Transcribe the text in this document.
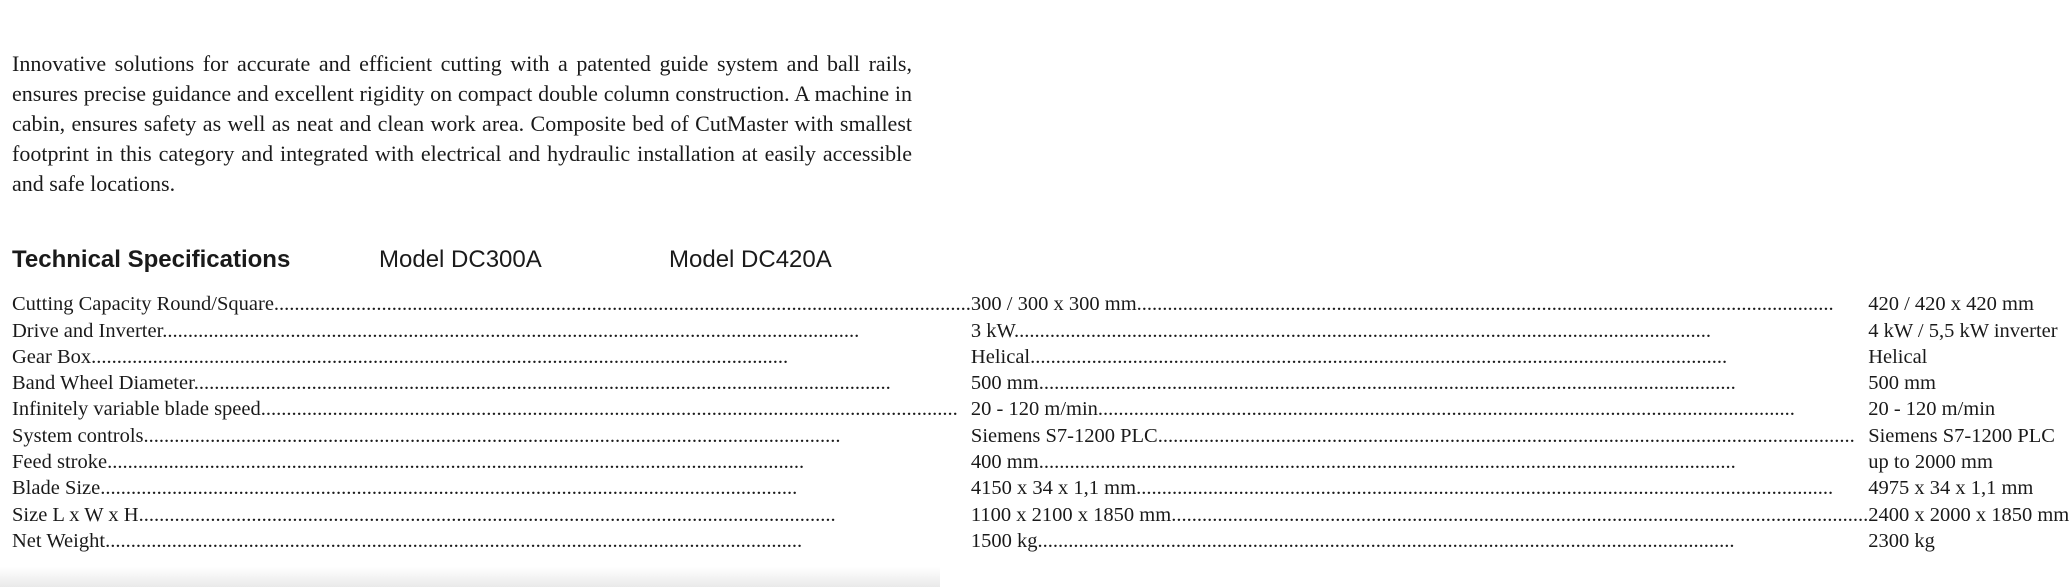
Innovative solutions for accurate and efficient cutting with a patented guide system and ball rails, ensures precise guidance and excellent rigidity on compact double column construction. A machine in cabin, ensures safety as well as neat and clean work area. Composite bed of CutMaster with smallest footprint in this category and integrated with electrical and hydraulic installation at easily accessible and safe locations.

Technical Specifications	Model DC300A	Model DC420A
Cutting Capacity Round/Square .....	300 / 300 x 300 mm .....	420 / 420 x 420 mm

Drive and Inverter .....	3 kW .....	4 kW / 5,5 kW inverter

Gear Box .....	Helical .....	Helical

Band Wheel Diameter .....	500 mm .....	500 mm

Infinitely variable blade speed .....	20 - 120 m/min .....	20 - 120 m/min

System controls .....	Siemens S7-1200 PLC .....	Siemens S7-1200 PLC

Feed stroke .....	400 mm .....	up to 2000 mm

Blade Size .....	4150 x 34 x 1,1 mm .....	4975 x 34 x 1,1 mm

Size L x W x H .....	1100 x 2100 x 1850 mm .....	2400 x 2000 x 1850 mm

Net Weight .....	1500 kg .....	2300 kg
